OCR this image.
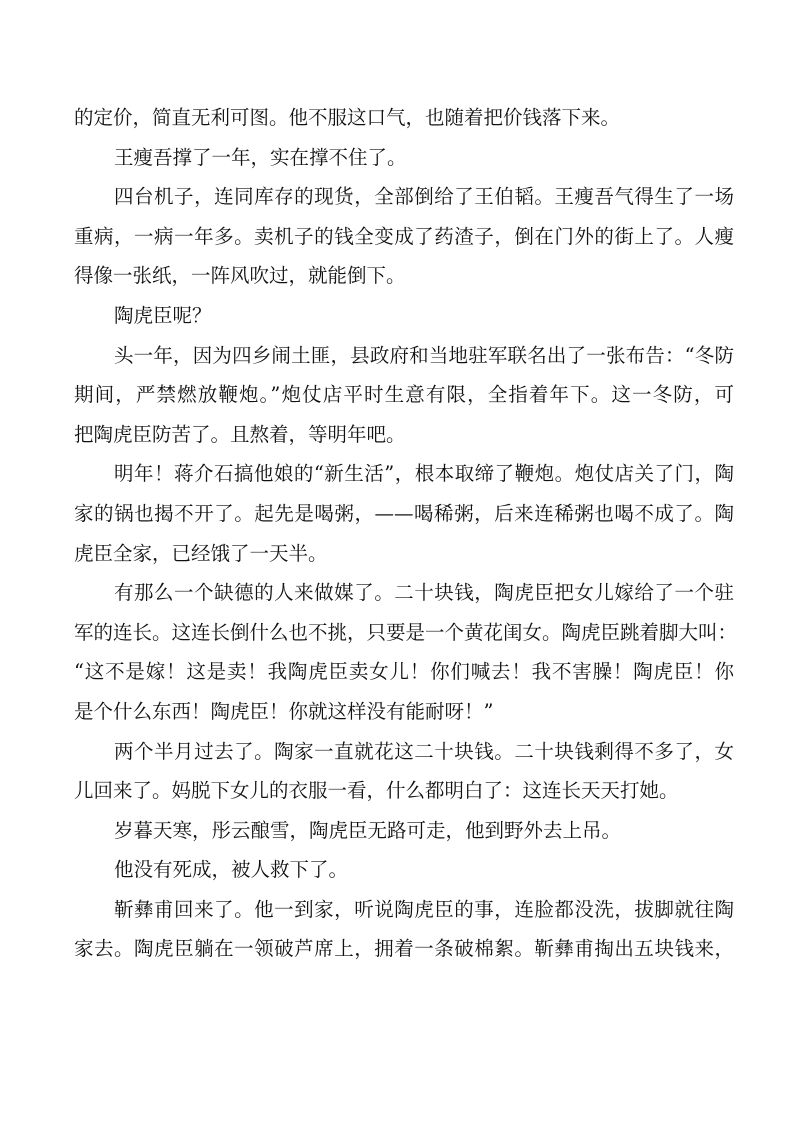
的定价，简直无利可图。他不服这口气，也随着把价钱落下来。
王瘦吾撑了一年，实在撑不住了。
四台机子，连同库存的现货，全部倒给了王伯韬。王瘦吾气得生了一场
重病，一病一年多。卖机子的钱全变成了药渣子，倒在门外的街上了。人瘦
得像一张纸，一阵风吹过，就能倒下。
陶虎臣呢？
头一年，因为四乡闹土匪，县政府和当地驻军联名出了一张布告：“冬防
期间，严禁燃放鞭炮。”炮仗店平时生意有限，全指着年下。这一冬防，可
把陶虎臣防苦了。且熬着，等明年吧。
明年！蒋介石搞他娘的“新生活”，根本取缔了鞭炮。炮仗店关了门，陶
家的锅也揭不开了。起先是喝粥，——喝稀粥，后来连稀粥也喝不成了。陶
虎臣全家，已经饿了一天半。
有那么一个缺德的人来做媒了。二十块钱，陶虎臣把女儿嫁给了一个驻
军的连长。这连长倒什么也不挑，只要是一个黄花闺女。陶虎臣跳着脚大叫：
“这不是嫁！这是卖！我陶虎臣卖女儿！你们喊去！我不害臊！陶虎臣！你
是个什么东西！陶虎臣！你就这样没有能耐呀！”
两个半月过去了。陶家一直就花这二十块钱。二十块钱剩得不多了，女
儿回来了。妈脱下女儿的衣服一看，什么都明白了：这连长天天打她。
岁暮天寒，彤云酿雪，陶虎臣无路可走，他到野外去上吊。
他没有死成，被人救下了。
靳彝甫回来了。他一到家，听说陶虎臣的事，连脸都没洗，拔脚就往陶
家去。陶虎臣躺在一领破芦席上，拥着一条破棉絮。靳彝甫掏出五块钱来，
